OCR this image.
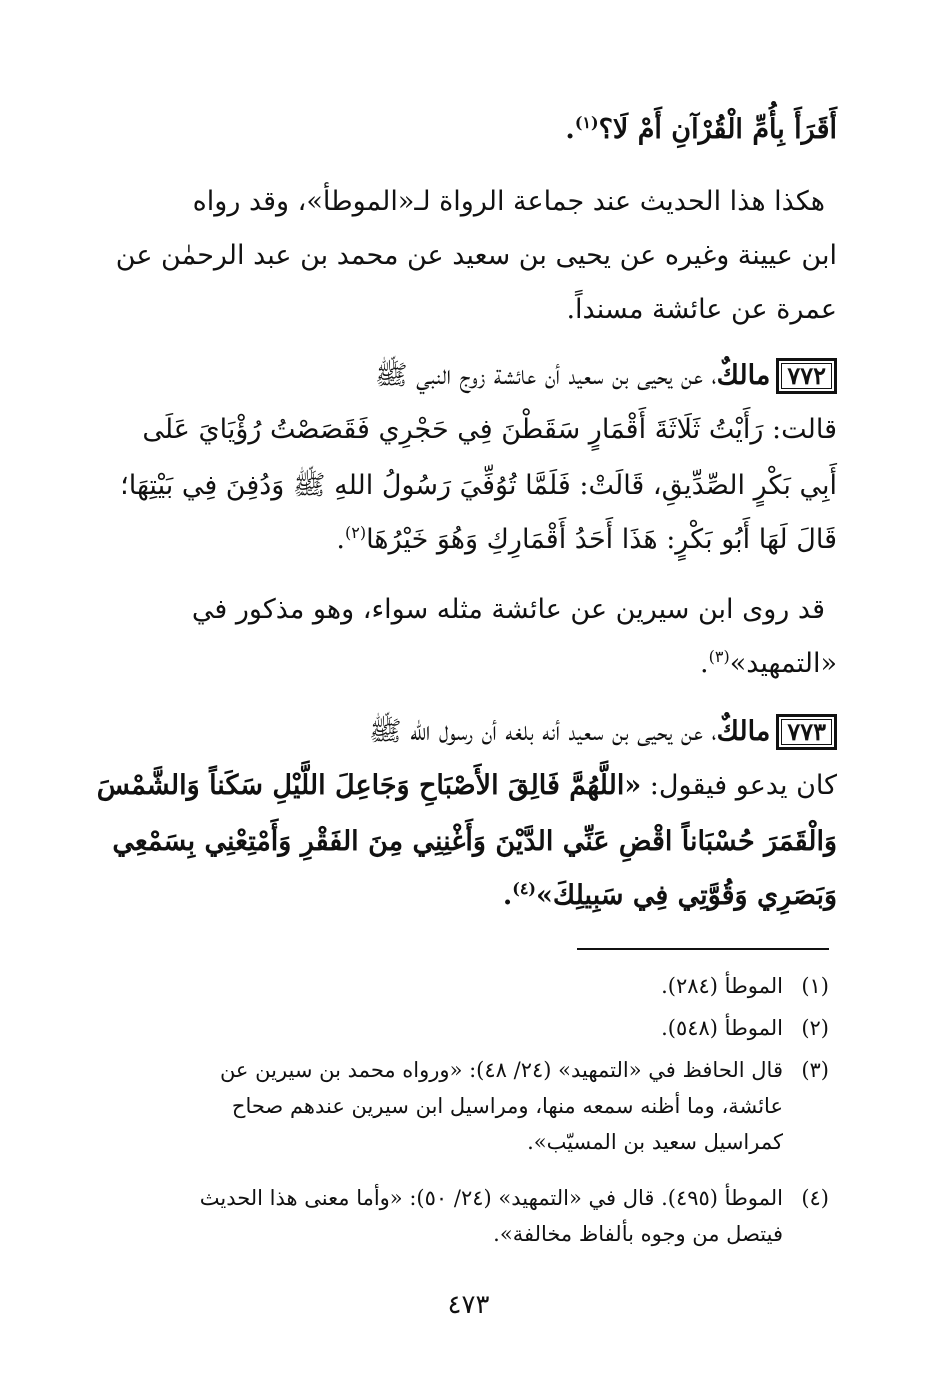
أَقَرَأَ بِأُمِّ الْقُرْآنِ أَمْ لَا؟$^{(١)}$.
هكذا هذا الحديث عند جماعة الرواة لـ«الموطأ»، وقد رواه
ابن عيينة وغيره عن يحيى بن سعيد عن محمد بن عبد الرحمٰن عن
عمرة عن عائشة مسنداً.
٧٧٢مالكٌ، عن يحيى بن سعيد أن عائشة زوج النبي ﷺ
قالت: رَأَيْتُ ثَلَاثَةَ أَقْمَارٍ سَقَطْنَ فِي حَجْرِي فَقَصَصْتُ رُؤْيَايَ عَلَى
أَبِي بَكْرٍ الصِّدِّيقِ، قَالَتْ: فَلَمَّا تُوُفِّيَ رَسُولُ اللهِ ﷺ وَدُفِنَ فِي بَيْتِهَا؛
قَالَ لَهَا أَبُو بَكْرٍ: هَذَا أَحَدُ أَقْمَارِكِ وَهُوَ خَيْرُهَا$^{(٢)}$.
قد روى ابن سيرين عن عائشة مثله سواء، وهو مذكور في
«التمهيد»$^{(٣)}$.
٧٧٣مالكٌ، عن يحيى بن سعيد أنه بلغه أن رسول الله ﷺ
كان يدعو فيقول: «اللَّهُمَّ فَالِقَ الأَصْبَاحِ وَجَاعِلَ اللَّيْلِ سَكَناً وَالشَّمْسَ
وَالْقَمَرَ حُسْبَاناً اقْضِ عَنِّي الدَّيْنَ وَأَغْنِنِي مِنَ الفَقْرِ وَأَمْتِعْنِي بِسَمْعِي
وَبَصَرِي وَقُوَّتِي فِي سَبِيلِكَ»$^{(٤)}$.
(١)الموطأ (٢٨٤).
(٢)الموطأ (٥٤٨).
(٣)قال الحافظ في «التمهيد» (٢٤/ ٤٨): «ورواه محمد بن سيرين عن
عائشة، وما أظنه سمعه منها، ومراسيل ابن سيرين عندهم صحاح
كمراسيل سعيد بن المسيّب».
(٤)الموطأ (٤٩٥). قال في «التمهيد» (٢٤/ ٥٠): «وأما معنى هذا الحديث
فيتصل من وجوه بألفاظ مخالفة».
٤٧٣
